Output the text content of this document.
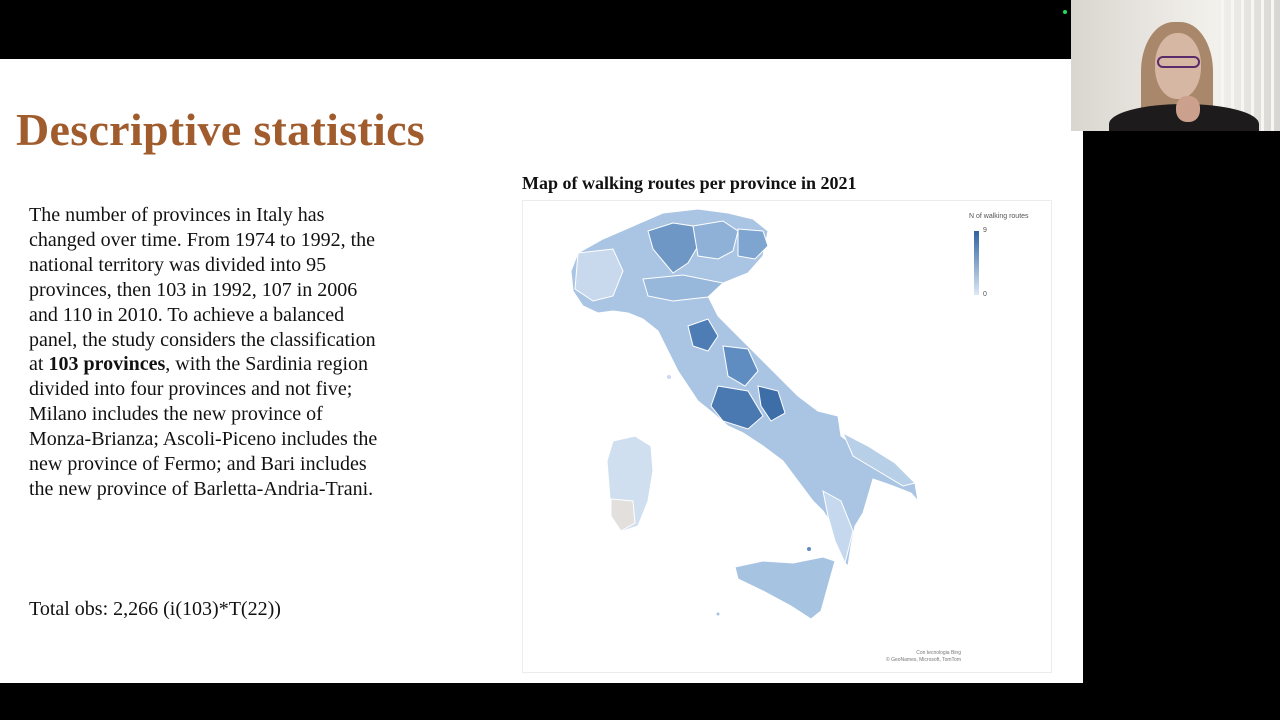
Descriptive statistics
The number of provinces in Italy has changed over time. From 1974 to 1992, the national territory was divided into 95 provinces, then 103 in 1992, 107 in 2006 and 110 in 2010. To achieve a balanced panel, the study considers the classification at 103 provinces, with the Sardinia region divided into four provinces and not five; Milano includes the new province of Monza-Brianza; Ascoli-Piceno includes the new province of Fermo; and Bari includes the new province of Barletta-Andria-Trani.
Total obs: 2,266 (i(103)*T(22))
Map of walking routes per province in 2021
N of walking routes
9
0
Con tecnologia Bing
© GeoNames, Microsoft, TomTom
